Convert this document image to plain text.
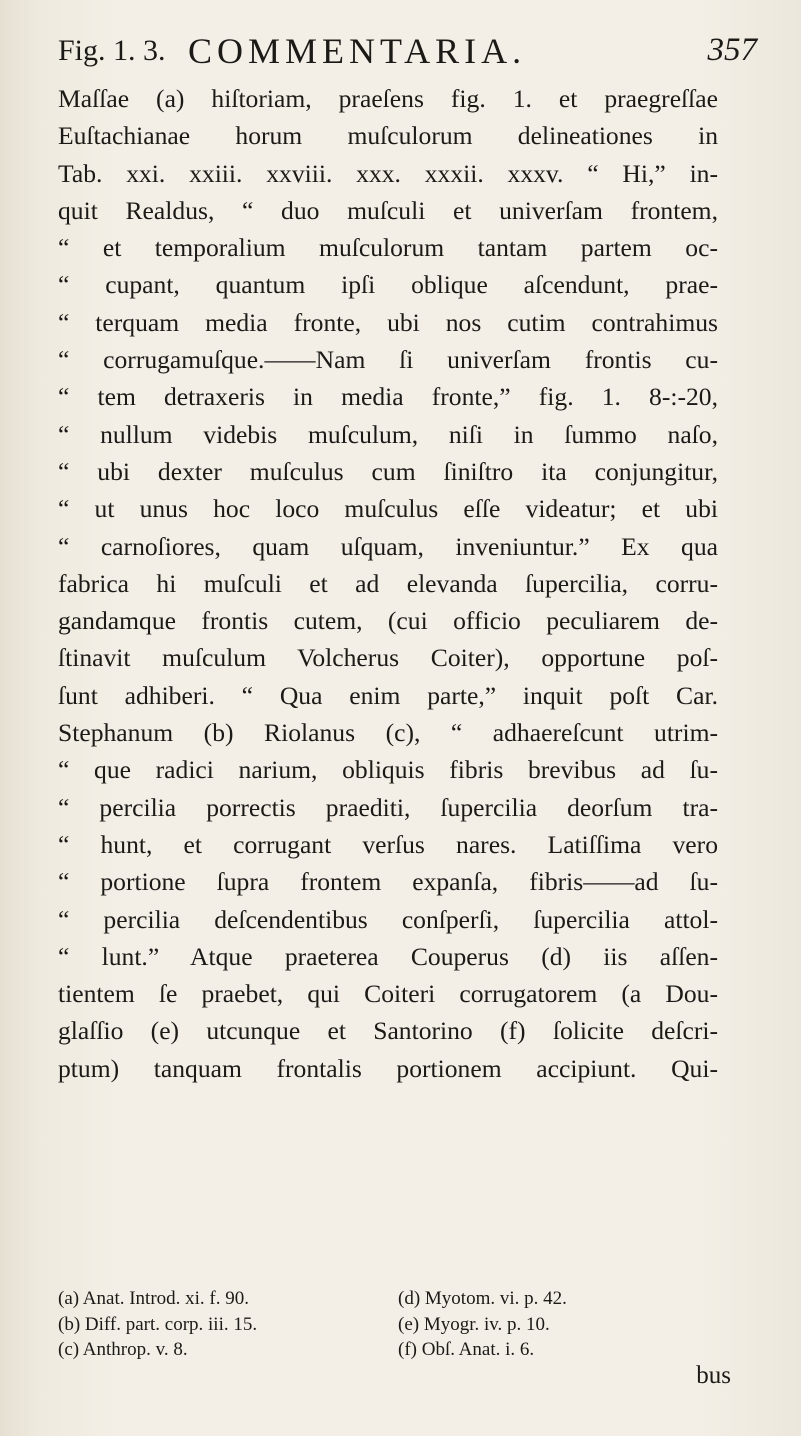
Fig. 1. 3. COMMENTARIA.	357
Maſſae (a) hiſtoriam, praeſens fig. 1. et praegreſſae
Euſtachianae horum muſculorum delineationes in
Tab. xxi. xxiii. xxviii. xxx. xxxii. xxxv. “ Hi,” in-
quit Realdus, “ duo muſculi et univerſam frontem,
“ et temporalium muſculorum tantam partem oc-
“ cupant, quantum ipſi oblique aſcendunt, prae-
“ terquam media fronte, ubi nos cutim contrahimus
“ corrugamuſque.——Nam ſi univerſam frontis cu-
“ tem detraxeris in media fronte,” fig. 1. 8-:-20,
“ nullum videbis muſculum, niſi in ſummo naſo,
“ ubi dexter muſculus cum ſiniſtro ita conjungitur,
“ ut unus hoc loco muſculus eſſe videatur; et ubi
“ carnoſiores, quam uſquam, inveniuntur.” Ex qua
fabrica hi muſculi et ad elevanda ſupercilia, corru-
gandamque frontis cutem, (cui officio peculiarem de-
ſtinavit muſculum Volcherus Coiter), opportune poſ-
ſunt adhiberi. “ Qua enim parte,” inquit poſt Car.
Stephanum (b) Riolanus (c), “ adhaereſcunt utrim-
“ que radici narium, obliquis fibris brevibus ad ſu-
“ percilia porrectis praediti, ſupercilia deorſum tra-
“ hunt, et corrugant verſus nares. Latiſſima vero
“ portione ſupra frontem expanſa, fibris——ad ſu-
“ percilia deſcendentibus conſperſi, ſupercilia attol-
“ lunt.” Atque praeterea Couperus (d) iis aſſen-
tientem ſe praebet, qui Coiteri corrugatorem (a Dou-
glaſſio (e) utcunque et Santorino (f) ſolicite deſcri-
ptum) tanquam frontalis portionem accipiunt. Qui-
(a) Anat. Introd. xi. f. 90.	(d) Myotom. vi. p. 42.
(b) Diff. part. corp. iii. 15.	(e) Myogr. iv. p. 10.
(c) Anthrop. v. 8.	(f) Obſ. Anat. i. 6.
bus
